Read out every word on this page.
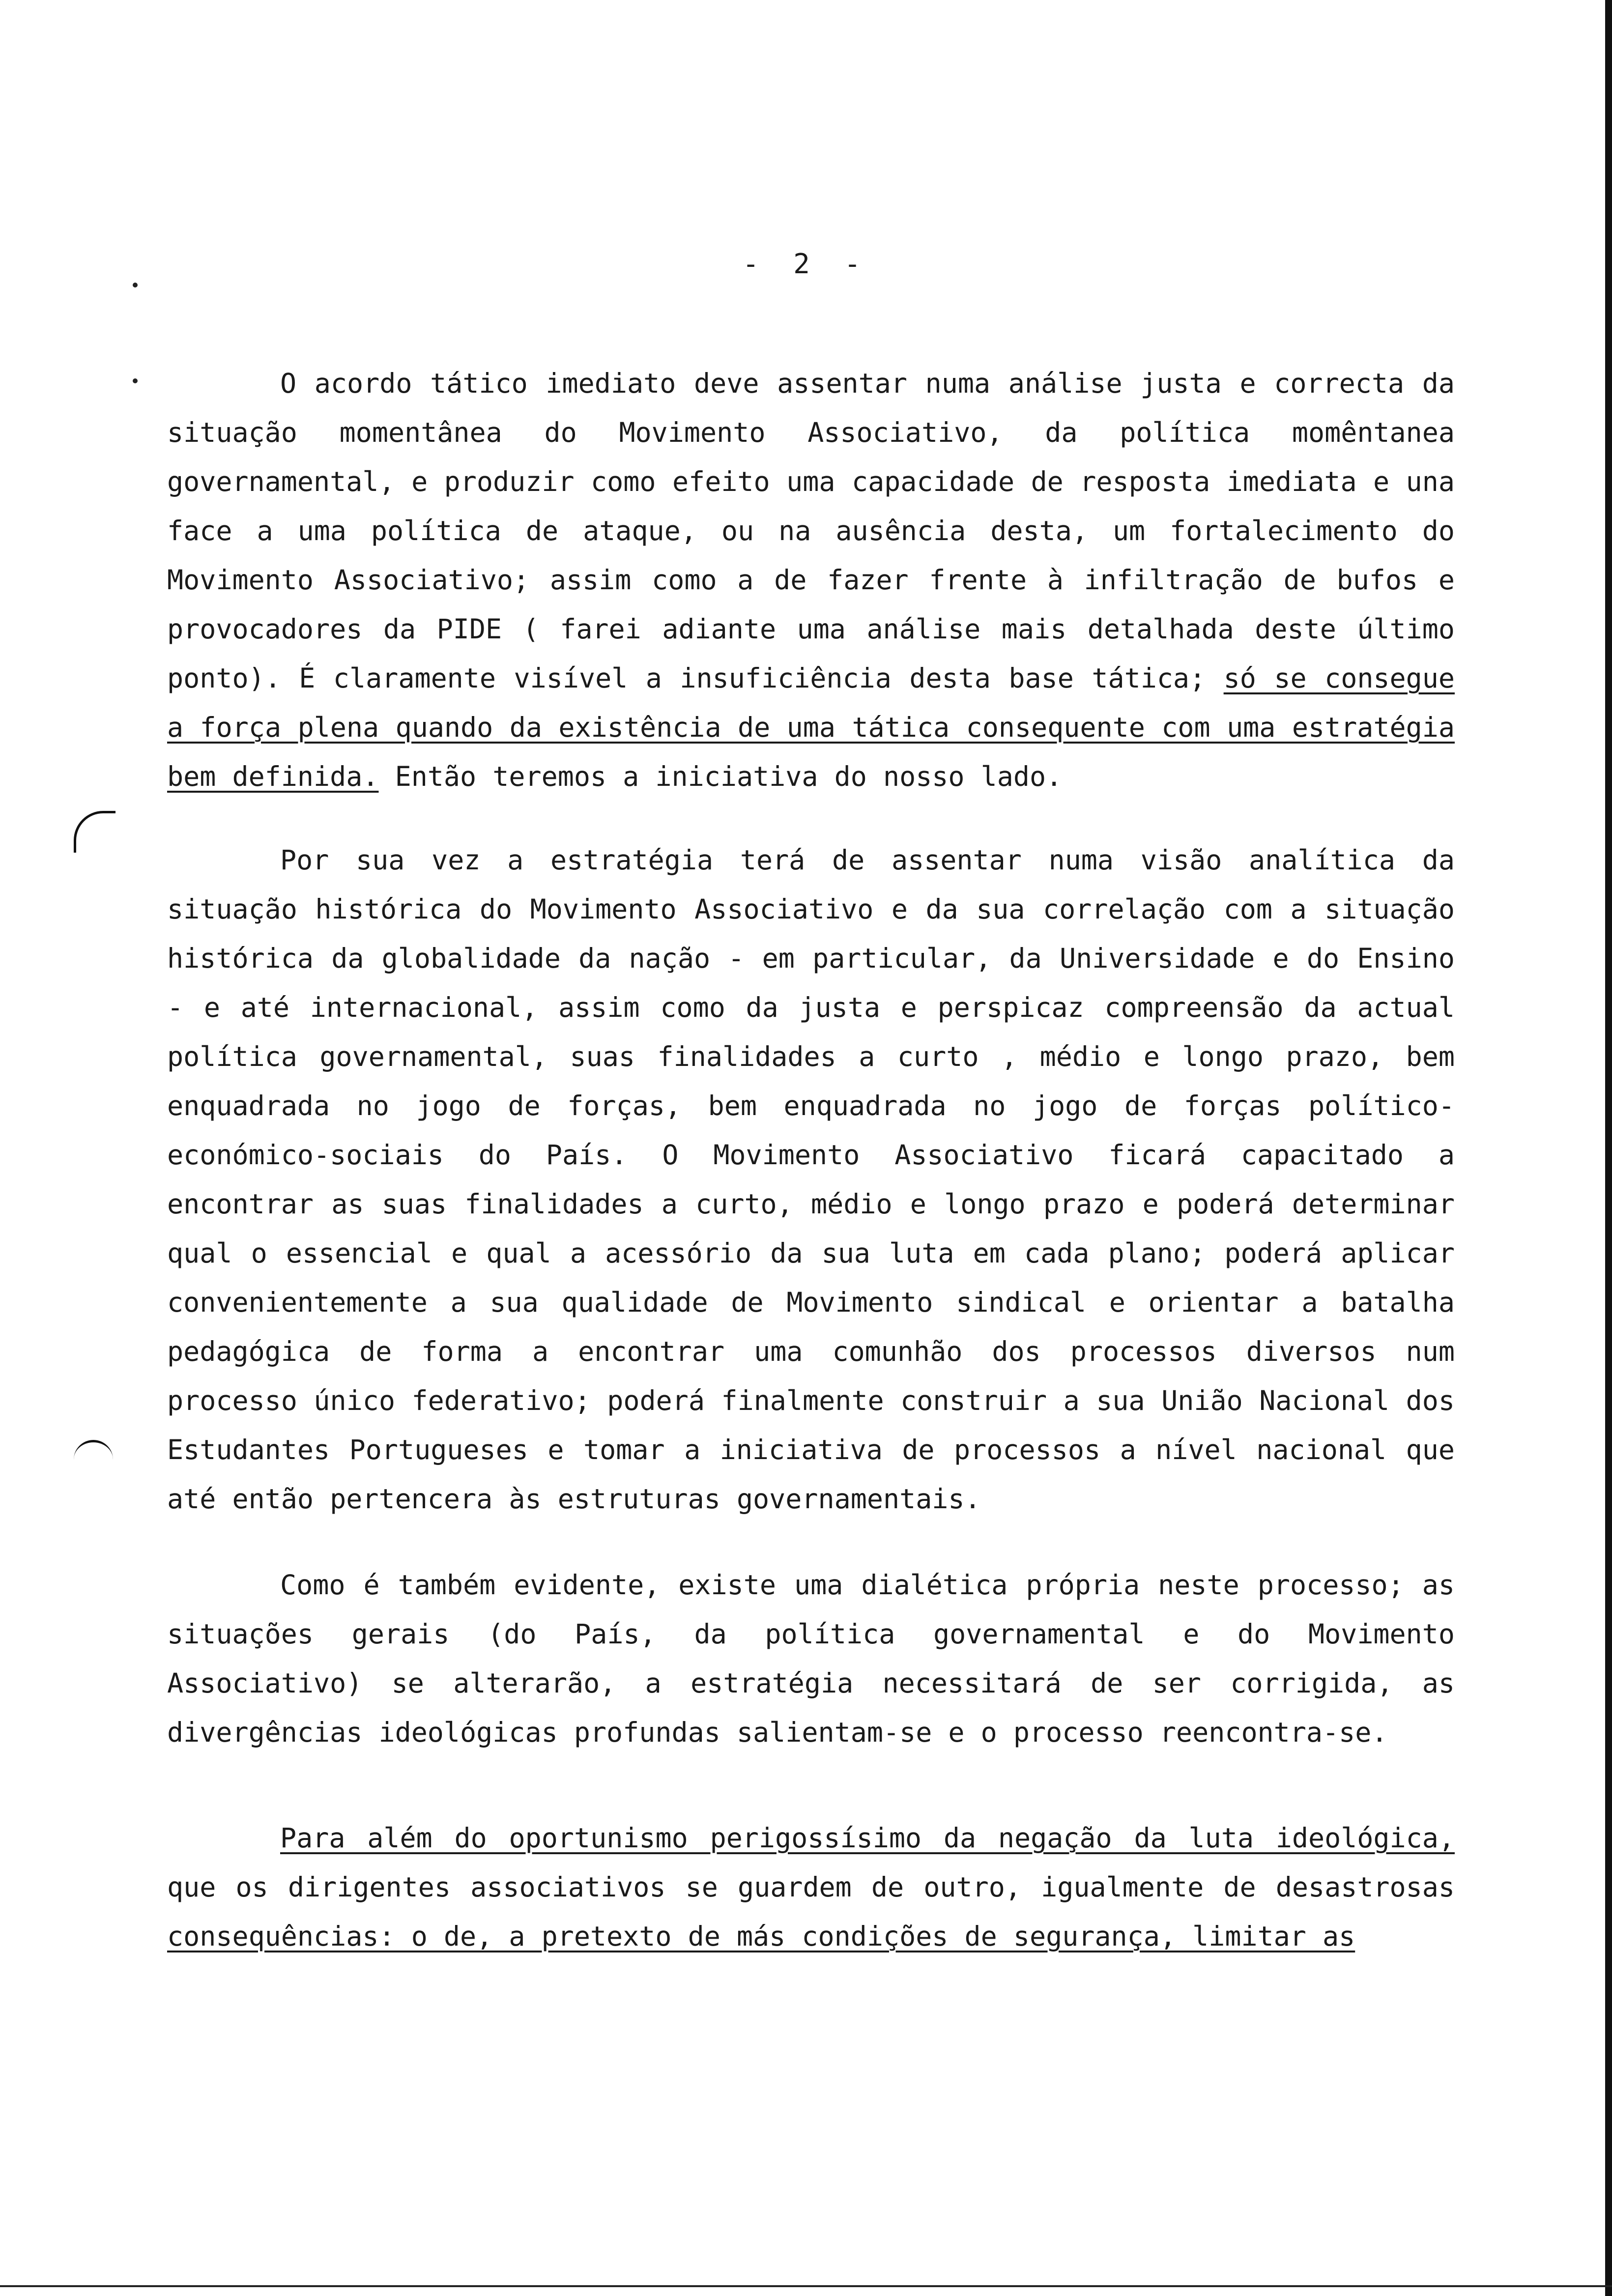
- 2 -

O acordo tático imediato deve assentar numa análise justa e correcta da situação momentânea do Movimento Associativo, da política momêntanea governamental, e produzir como efeito uma capacidade de resposta imediata e una face a uma política de ataque, ou na ausência desta, um fortalecimento do Movimento Associativo; assim como a de fazer frente à infiltração de bufos e provocadores da PIDE ( farei adiante uma análise mais detalhada deste último ponto). É claramente visível a insuficiência desta base tática; só se consegue a força plena quando da existência de uma tática consequente com uma estratégia bem definida. Então teremos a iniciativa do nosso lado.

Por sua vez a estratégia terá de assentar numa visão analítica da situação histórica do Movimento Associativo e da sua correlação com a situação histórica da globalidade da nação - em particular, da Universidade e do Ensino - e até internacional, assim como da justa e perspicaz compreensão da actual política governamental, suas finalidades a curto , médio e longo prazo, bem enquadrada no jogo de forças, bem enquadrada no jogo de forças político-económico-sociais do País. O Movimento Associativo ficará capacitado a encontrar as suas finalidades a curto, médio e longo prazo e poderá determinar qual o essencial e qual a acessório da sua luta em cada plano; poderá aplicar convenientemente a sua qualidade de Movimento sindical e orientar a batalha pedagógica de forma a encontrar uma comunhão dos processos diversos num processo único federativo; poderá finalmente construir a sua União Nacional dos Estudantes Portugueses e tomar a iniciativa de processos a nível nacional que até então pertencera às estruturas governamentais.

Como é também evidente, existe uma dialética própria neste processo; as situações gerais (do País, da política governamental e do Movimento Associativo) se alterarão, a estratégia necessitará de ser corrigida, as divergências ideológicas profundas salientam-se e o processo reencontra-se.

Para além do oportunismo perigossísimo da negação da luta ideológica, que os dirigentes associativos se guardem de outro, igualmente de desastrosas consequências: o de, a pretexto de más condições de segurança, limitar as
